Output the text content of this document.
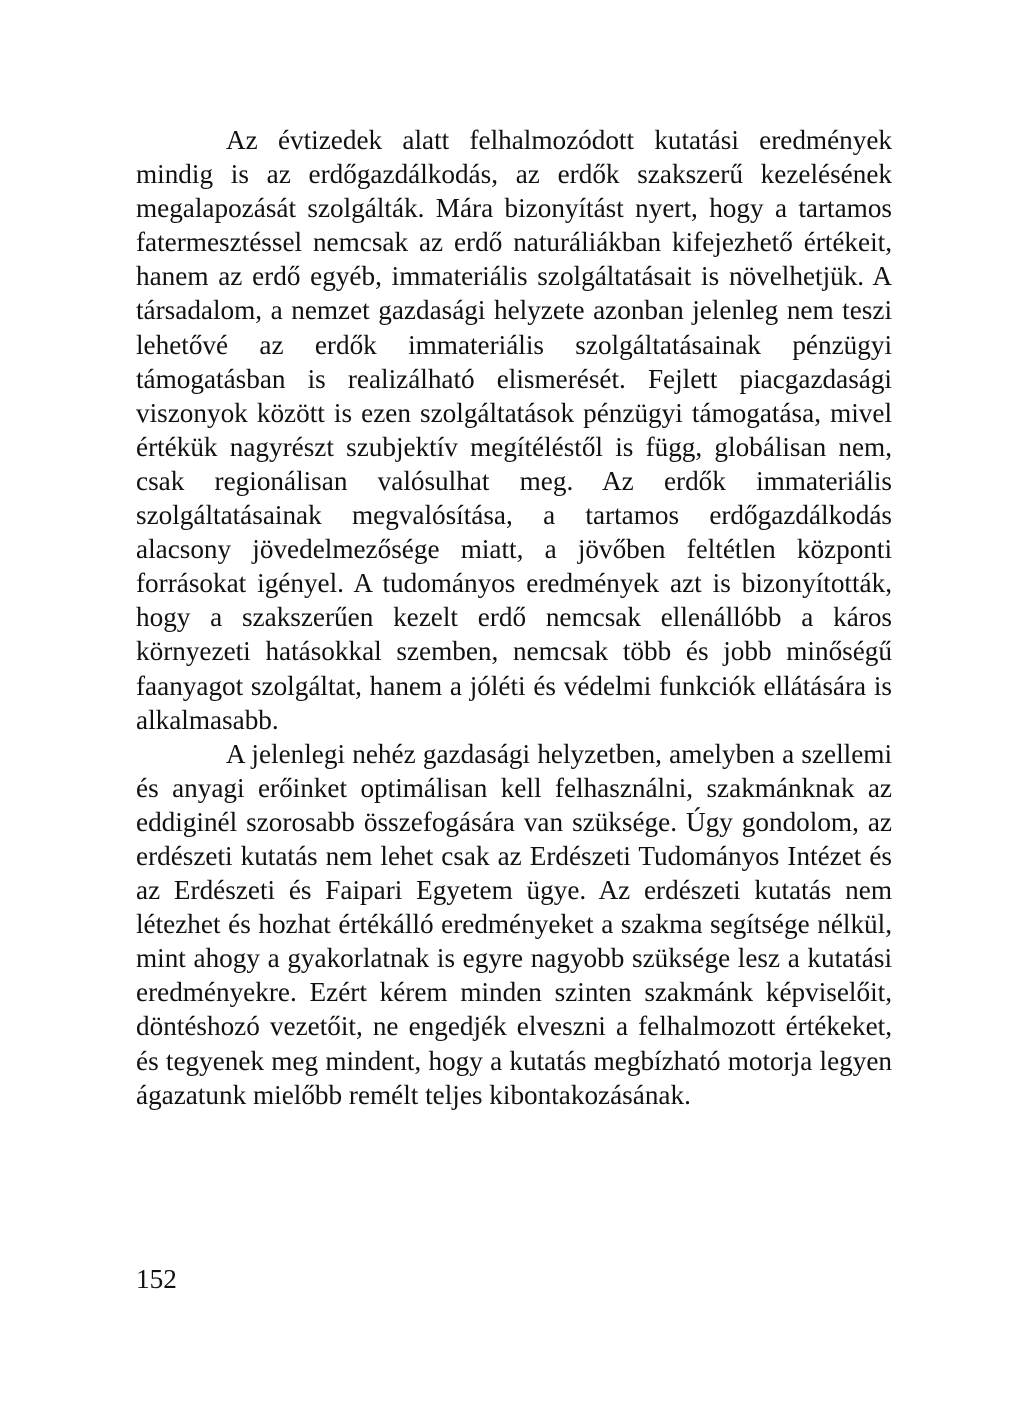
Az évtizedek alatt felhalmozódott kutatási eredmények mindig is az erdőgazdálkodás, az erdők szakszerű kezelésének megalapozását szolgálták. Mára bizonyítást nyert, hogy a tartamos fatermesztéssel nemcsak az erdő naturáliákban kifejezhető értékeit, hanem az erdő egyéb, immateriális szolgáltatásait is növelhetjük. A társadalom, a nemzet gazdasági helyzete azonban jelenleg nem teszi lehetővé az erdők immateriális szolgáltatásainak pénzügyi támogatásban is realizálható elismerését. Fejlett piacgazdasági viszonyok között is ezen szolgáltatások pénzügyi támogatása, mivel értékük nagyrészt szubjektív megítéléstől is függ, globálisan nem, csak regionálisan valósulhat meg. Az erdők immateriális szolgáltatásainak megvalósítása, a tartamos erdőgazdálkodás alacsony jövedelmezősége miatt, a jövőben feltétlen központi forrásokat igényel. A tudományos eredmények azt is bizonyították, hogy a szakszerűen kezelt erdő nemcsak ellenállóbb a káros környezeti hatásokkal szemben, nemcsak több és jobb minőségű faanyagot szolgáltat, hanem a jóléti és védelmi funkciók ellátására is alkalmasabb.

A jelenlegi nehéz gazdasági helyzetben, amelyben a szellemi és anyagi erőinket optimálisan kell felhasználni, szakmánknak az eddiginél szorosabb összefogására van szüksége. Úgy gondolom, az erdészeti kutatás nem lehet csak az Erdészeti Tudományos Intézet és az Erdészeti és Faipari Egyetem ügye. Az erdészeti kutatás nem létezhet és hozhat értékálló eredményeket a szakma segítsége nélkül, mint ahogy a gyakorlatnak is egyre nagyobb szüksége lesz a kutatási eredményekre. Ezért kérem minden szinten szakmánk képviselőit, döntéshozó vezetőit, ne engedjék elveszni a felhalmozott értékeket, és tegyenek meg mindent, hogy a kutatás megbízható motorja legyen ágazatunk mielőbb remélt teljes kibontakozásának.

152
